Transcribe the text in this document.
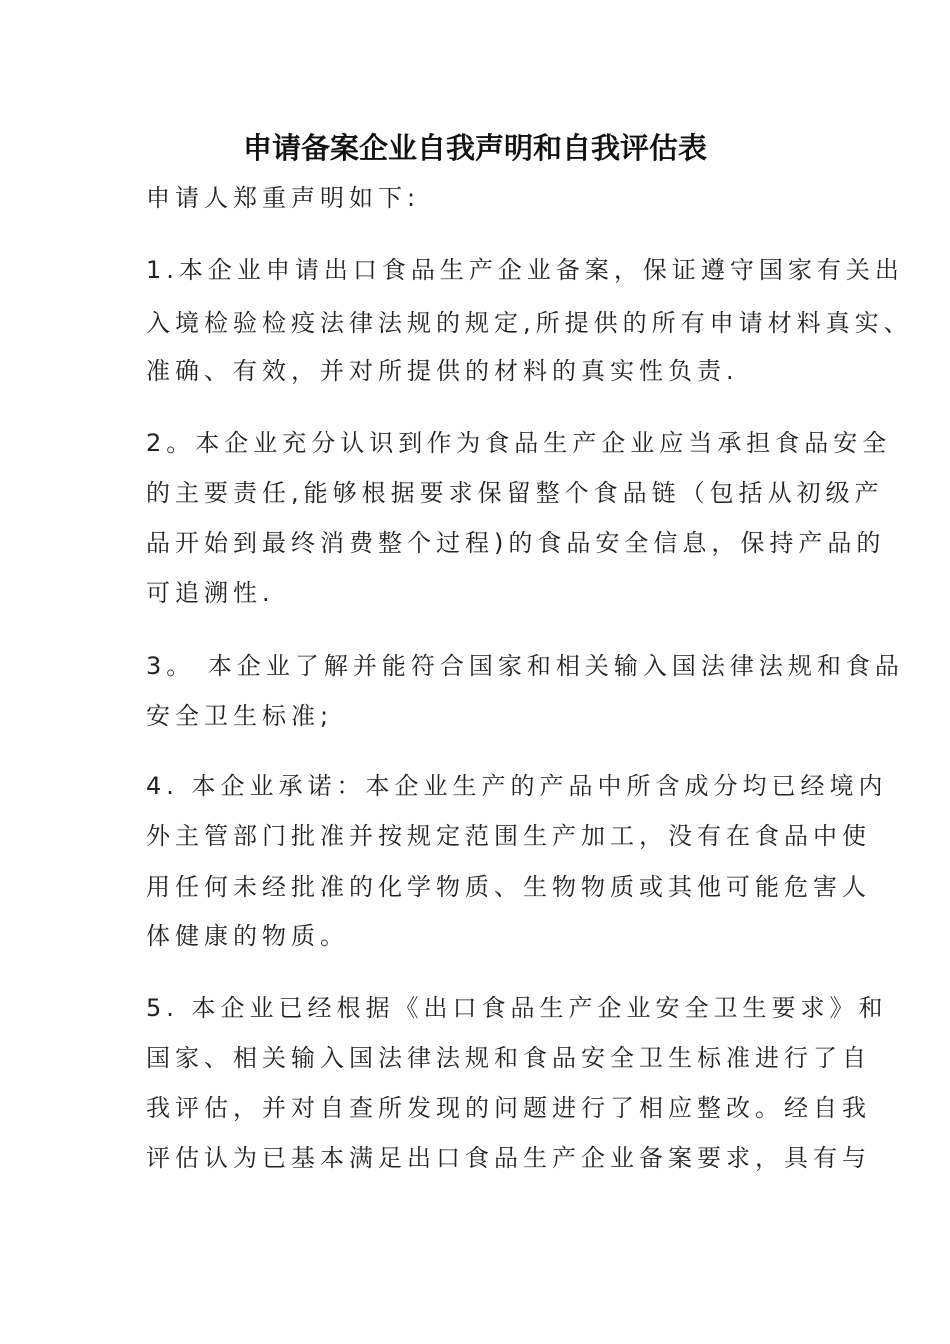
申请备案企业自我声明和自我评估表
申请人郑重声明如下:
1.本企业申请出口食品生产企业备案，保证遵守国家有关出
入境检验检疫法律法规的规定,所提供的所有申请材料真实、
准确、有效，并对所提供的材料的真实性负责.
2。本企业充分认识到作为食品生产企业应当承担食品安全
的主要责任,能够根据要求保留整个食品链（包括从初级产
品开始到最终消费整个过程)的食品安全信息，保持产品的
可追溯性.
3。 本企业了解并能符合国家和相关输入国法律法规和食品
安全卫生标准;
4. 本企业承诺：本企业生产的产品中所含成分均已经境内
外主管部门批准并按规定范围生产加工，没有在食品中使
用任何未经批准的化学物质、生物物质或其他可能危害人
体健康的物质。
5. 本企业已经根据《出口食品生产企业安全卫生要求》和
国家、相关输入国法律法规和食品安全卫生标准进行了自
我评估，并对自查所发现的问题进行了相应整改。经自我
评估认为已基本满足出口食品生产企业备案要求，具有与
